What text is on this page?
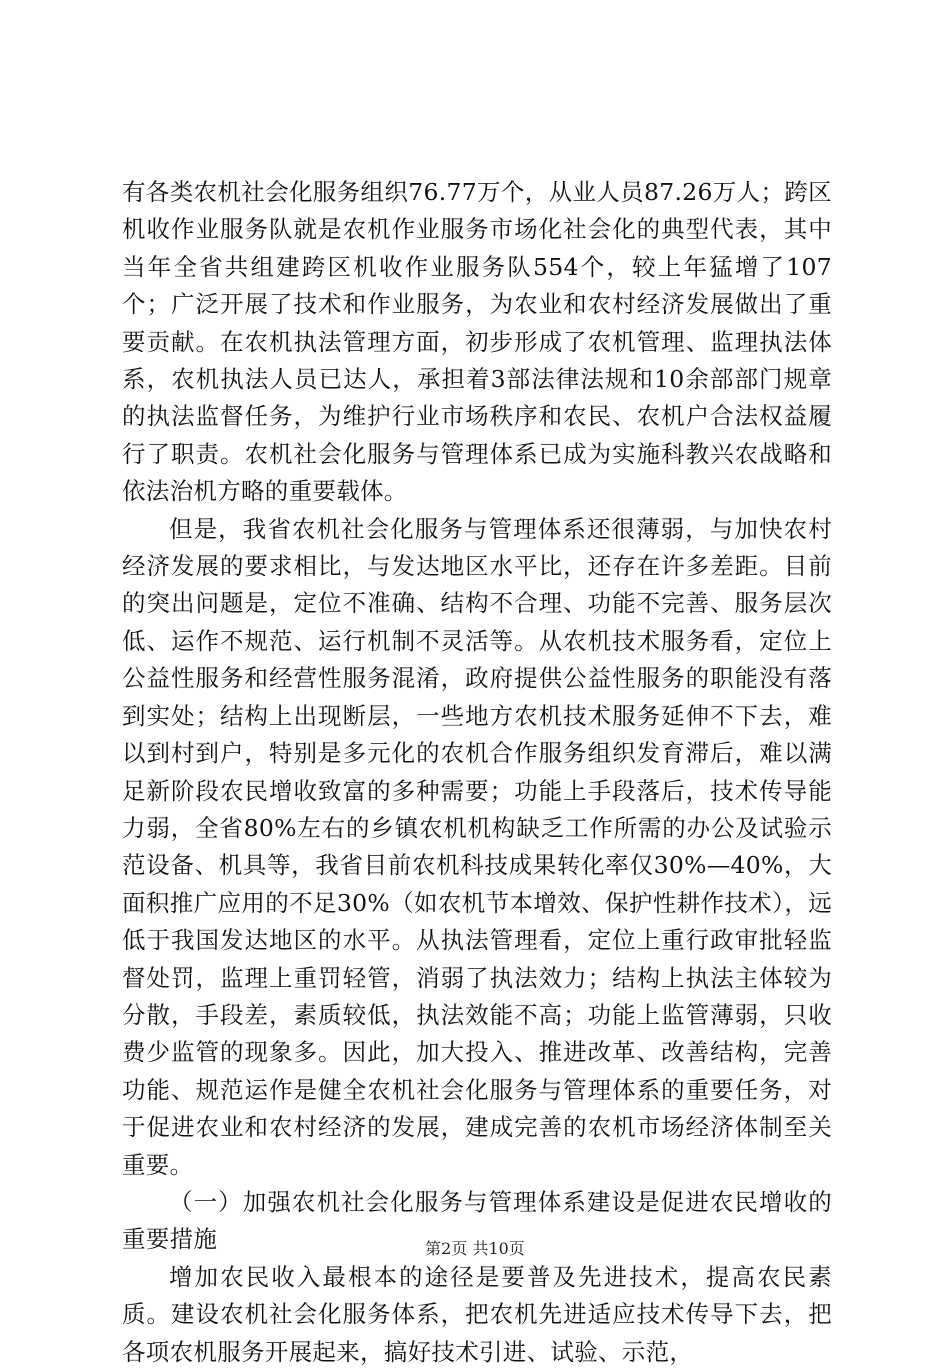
有各类农机社会化服务组织76.77万个，从业人员87.26万人；跨区机收作业服务队就是农机作业服务市场化社会化的典型代表，其中当年全省共组建跨区机收作业服务队554个，较上年猛增了107个；广泛开展了技术和作业服务，为农业和农村经济发展做出了重要贡献。在农机执法管理方面，初步形成了农机管理、监理执法体系，农机执法人员已达人，承担着3部法律法规和10余部部门规章的执法监督任务，为维护行业市场秩序和农民、农机户合法权益履行了职责。农机社会化服务与管理体系已成为实施科教兴农战略和依法治机方略的重要载体。

但是，我省农机社会化服务与管理体系还很薄弱，与加快农村经济发展的要求相比，与发达地区水平比，还存在许多差距。目前的突出问题是，定位不准确、结构不合理、功能不完善、服务层次低、运作不规范、运行机制不灵活等。从农机技术服务看，定位上公益性服务和经营性服务混淆，政府提供公益性服务的职能没有落到实处；结构上出现断层，一些地方农机技术服务延伸不下去，难以到村到户，特别是多元化的农机合作服务组织发育滞后，难以满足新阶段农民增收致富的多种需要；功能上手段落后，技术传导能力弱，全省80%左右的乡镇农机机构缺乏工作所需的办公及试验示范设备、机具等，我省目前农机科技成果转化率仅30%—40%，大面积推广应用的不足30%（如农机节本增效、保护性耕作技术），远低于我国发达地区的水平。从执法管理看，定位上重行政审批轻监督处罚，监理上重罚轻管，消弱了执法效力；结构上执法主体较为分散，手段差，素质较低，执法效能不高；功能上监管薄弱，只收费少监管的现象多。因此，加大投入、推进改革、改善结构，完善功能、规范运作是健全农机社会化服务与管理体系的重要任务，对于促进农业和农村经济的发展，建成完善的农机市场经济体制至关重要。

（一）加强农机社会化服务与管理体系建设是促进农民增收的重要措施

增加农民收入最根本的途径是要普及先进技术，提高农民素质。建设农机社会化服务体系，把农机先进适应技术传导下去，把各项农机服务开展起来，搞好技术引进、试验、示范，

第2页 共10页
